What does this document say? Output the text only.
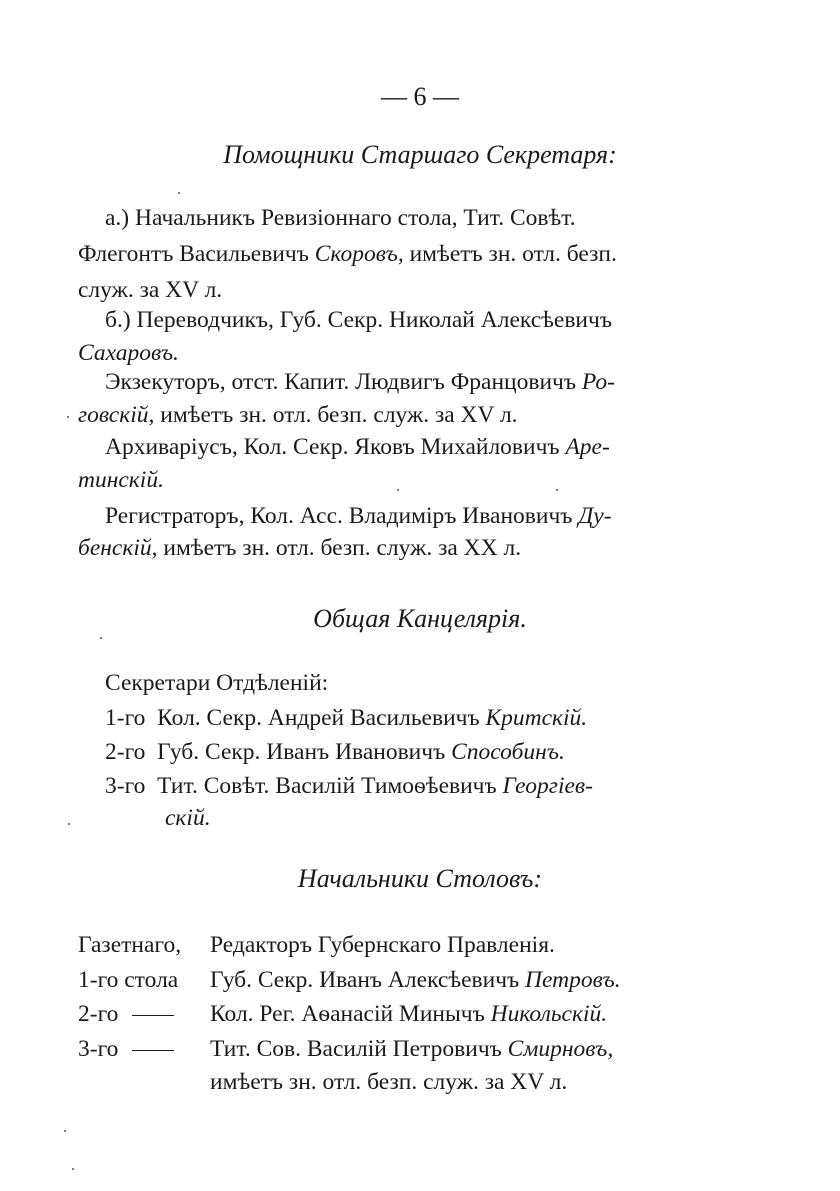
— 6 —
Помощники Старшаго Секретаря:
а.) Начальникъ Ревизіоннаго стола, Тит. Совѣт.
Флегонтъ Васильевичъ Скоровъ, имѣетъ зн. отл. безп.
служ. за XV л.
б.) Переводчикъ, Губ. Секр. Николай Алексѣевичъ
Сахаровъ.
Экзекуторъ, отст. Капит. Людвигъ Францовичъ Ро-
говскій, имѣетъ зн. отл. безп. служ. за XV л.
Архиваріусъ, Кол. Секр. Яковъ Михайловичъ Аре-
тинскій.
Регистраторъ, Кол. Асс. Владиміръ Ивановичъ Ду-
бенскій, имѣетъ зн. отл. безп. служ. за XX л.
Общая Канцелярія.
Секретари Отдѣленій:
1-го Кол. Секр. Андрей Васильевичъ Критскій.
2-го Губ. Секр. Иванъ Ивановичъ Способинъ.
3-го Тит. Совѣт. Василій Тимоѳѣевичъ Георгіев-
скій.
Начальники Столовъ:
Газетнаго, Редакторъ Губернскаго Правленія.
1-го стола Губ. Секр. Иванъ Алексѣевичъ Петровъ.
2-го	Кол. Рег. Аѳанасій Минычъ Никольскій.
3-го	Тит. Сов. Василій Петровичъ Смирновъ,
имѣетъ зн. отл. безп. служ. за XV л.
